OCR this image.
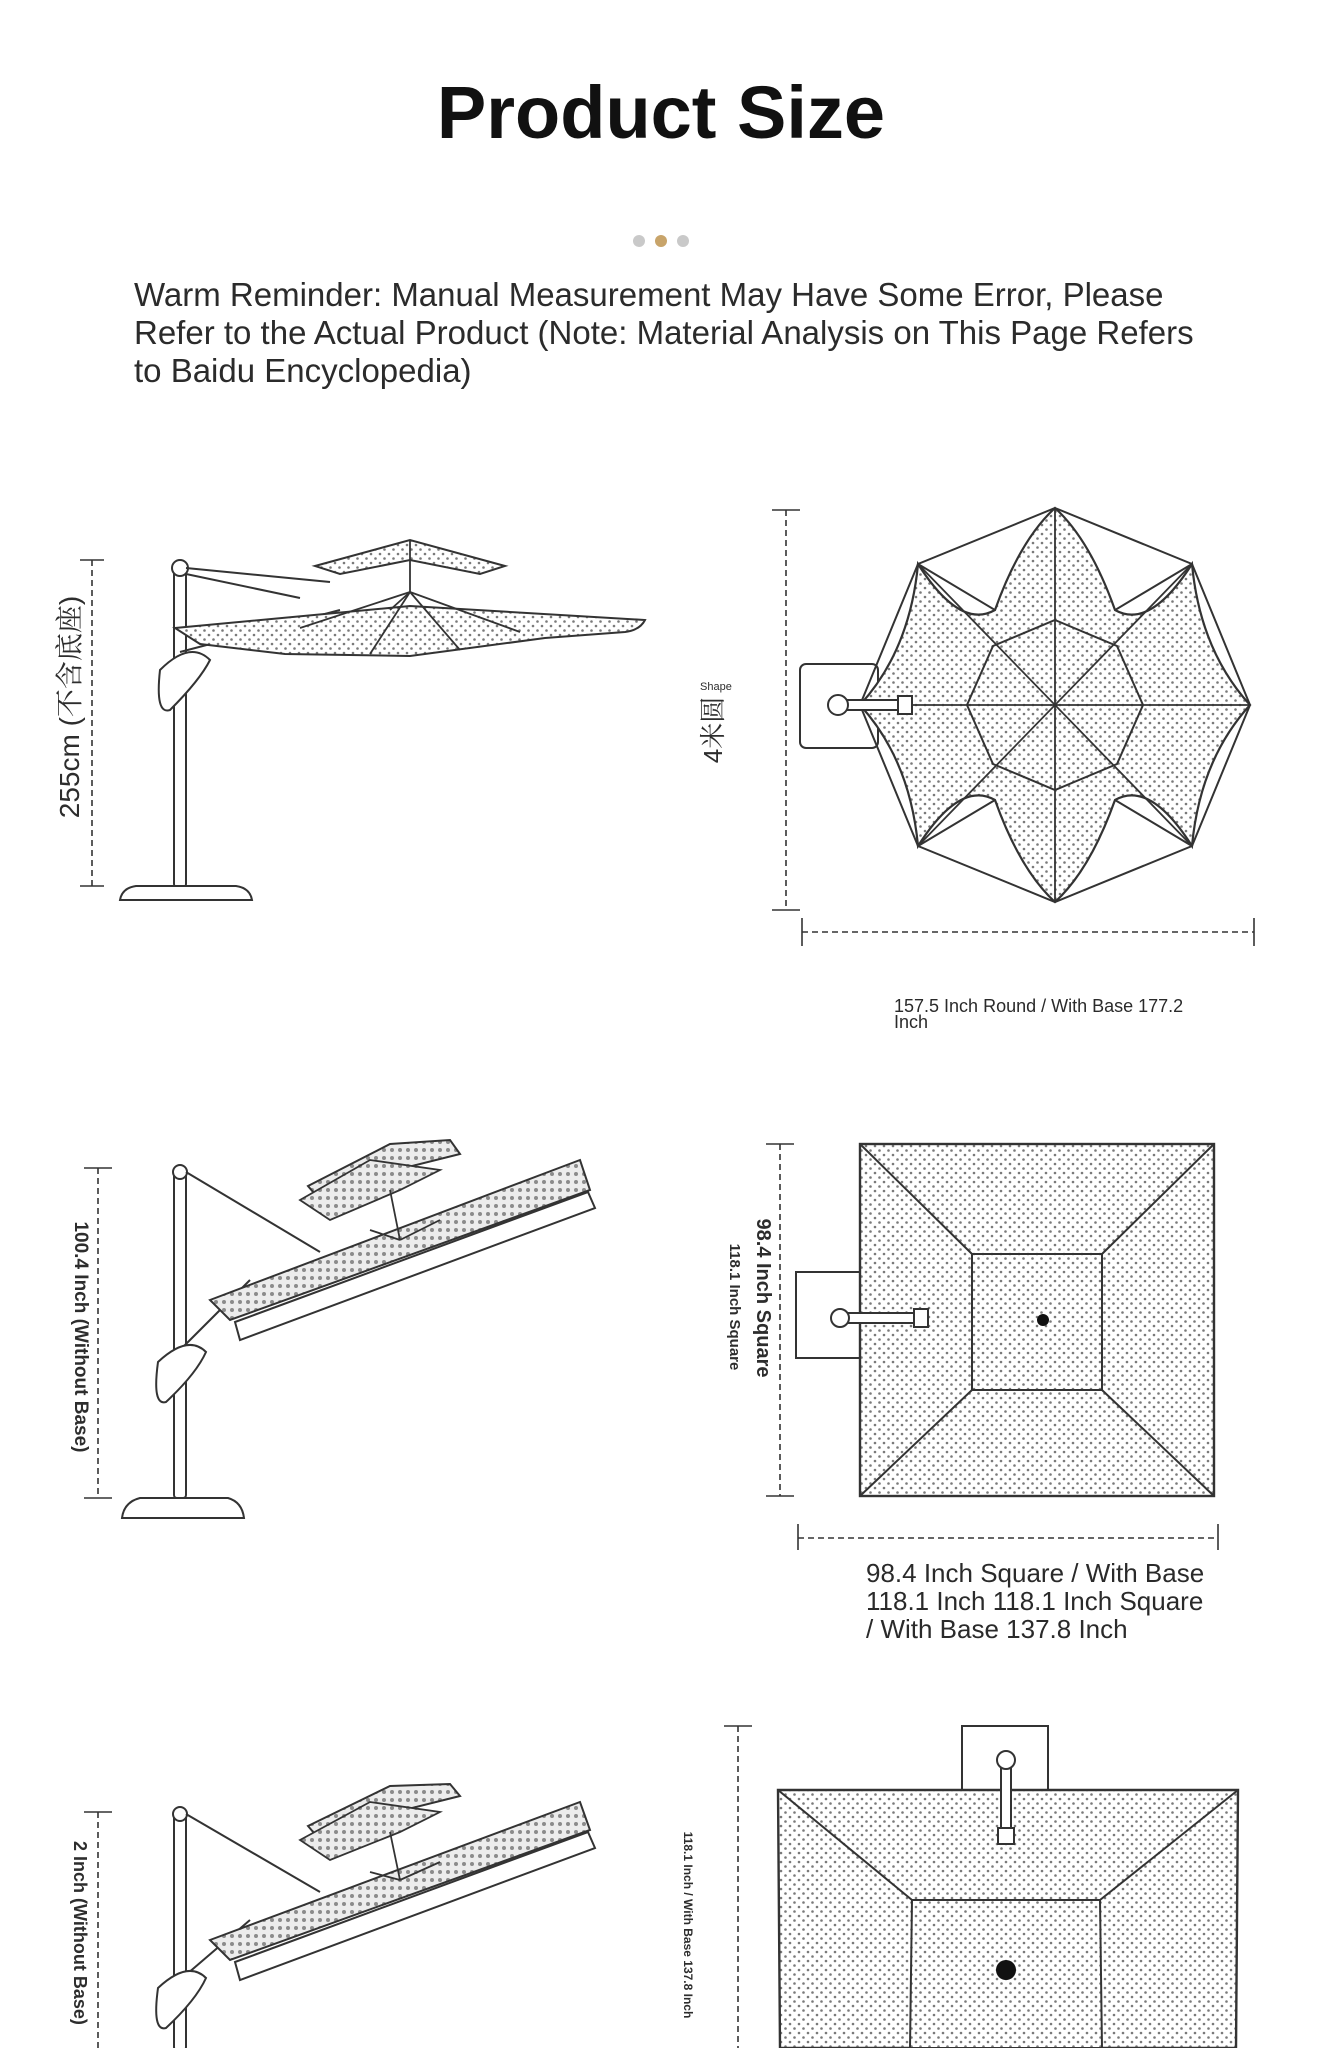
Product Size
Warm Reminder: Manual Measurement May Have Some Error, Please Refer to the Actual Product (Note: Material Analysis on This Page Refers to Baidu Encyclopedia)
255cm (不含底座)	4米圆
Shape
157.5 Inch Round / With Base 177.2 Inch
100.4 Inch (Without Base)	98.4 Inch Square
118.1 Inch Square
98.4 Inch Square / With Base
118.1 Inch 118.1 Inch Square
/ With Base 137.8 Inch
2 Inch (Without Base)	118.1 Inch / With Base 137.8 Inch
